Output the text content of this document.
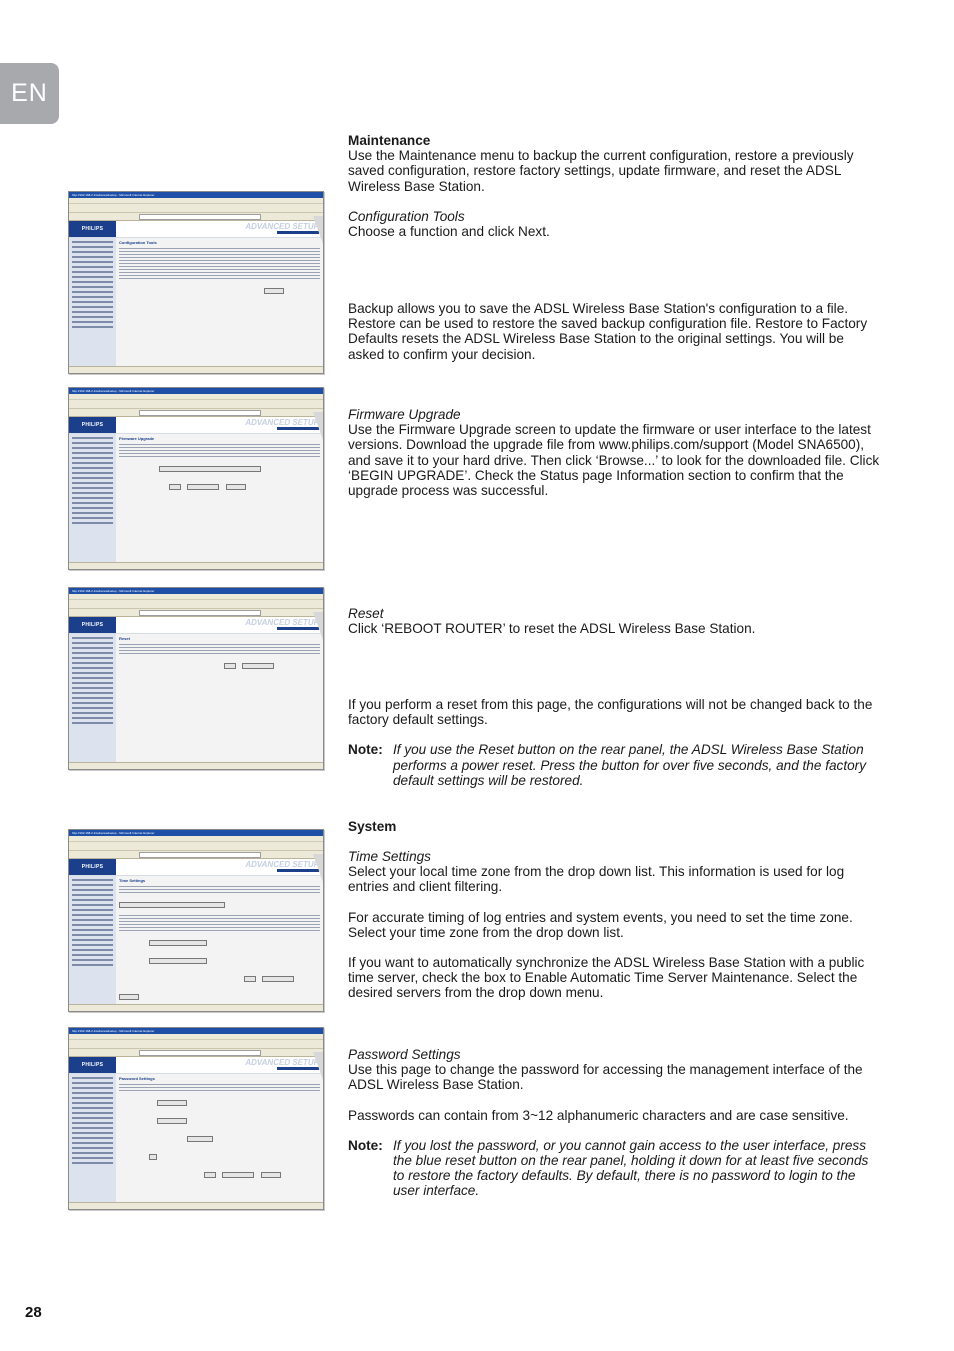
EN
http://192.168.2.1/advancedsetup - Microsoft Internet Explorer
PHILIPS	ADVANCED SETUP
Configuration Tools
http://192.168.2.1/advancedsetup - Microsoft Internet Explorer
PHILIPS	ADVANCED SETUP
Firmware Upgrade

http://192.168.2.1/advancedsetup - Microsoft Internet Explorer
PHILIPS	ADVANCED SETUP
Reset

http://192.168.2.1/advancedsetup - Microsoft Internet Explorer
PHILIPS	ADVANCED SETUP
Time Settings

http://192.168.2.1/advancedsetup - Microsoft Internet Explorer
PHILIPS	ADVANCED SETUP
Password Settings

Maintenance

Use the Maintenance menu to backup the current configuration, restore a previously saved configuration, restore factory settings, update firmware, and reset the ADSL Wireless Base Station.

Configuration Tools

Choose a function and click Next.

Backup allows you to save the ADSL Wireless Base Station's configuration to a file. Restore can be used to restore the saved backup configuration file. Restore to Factory Defaults resets the ADSL Wireless Base Station to the original settings. You will be asked to confirm your decision.

Firmware Upgrade

Use the Firmware Upgrade screen to update the firmware or user interface to the latest versions. Download the upgrade file from www.philips.com/support (Model SNA6500), and save it to your hard drive. Then click ‘Browse...’ to look for the downloaded file. Click ‘BEGIN UPGRADE’. Check the Status page Information section to confirm that the upgrade process was successful.

Reset

Click ‘REBOOT ROUTER’ to reset the ADSL Wireless Base Station.

If you perform a reset from this page, the configurations will not be changed back to the factory default settings.

Note: If you use the Reset button on the rear panel, the ADSL Wireless Base Station performs a power reset. Press the button for over five seconds, and the factory default settings will be restored.

System

Time Settings

Select your local time zone from the drop down list. This information is used for log entries and client filtering.

For accurate timing of log entries and system events, you need to set the time zone. Select your time zone from the drop down list.

If you want to automatically synchronize the ADSL Wireless Base Station with a public time server, check the box to Enable Automatic Time Server Maintenance. Select the desired servers from the drop down menu.

Password Settings

Use this page to change the password for accessing the management interface of the ADSL Wireless Base Station.

Passwords can contain from 3~12 alphanumeric characters and are case sensitive.

Note: If you lost the password, or you cannot gain access to the user interface, press the blue reset button on the rear panel, holding it down for at least five seconds to restore the factory defaults. By default, there is no password to login to the user interface.
28
